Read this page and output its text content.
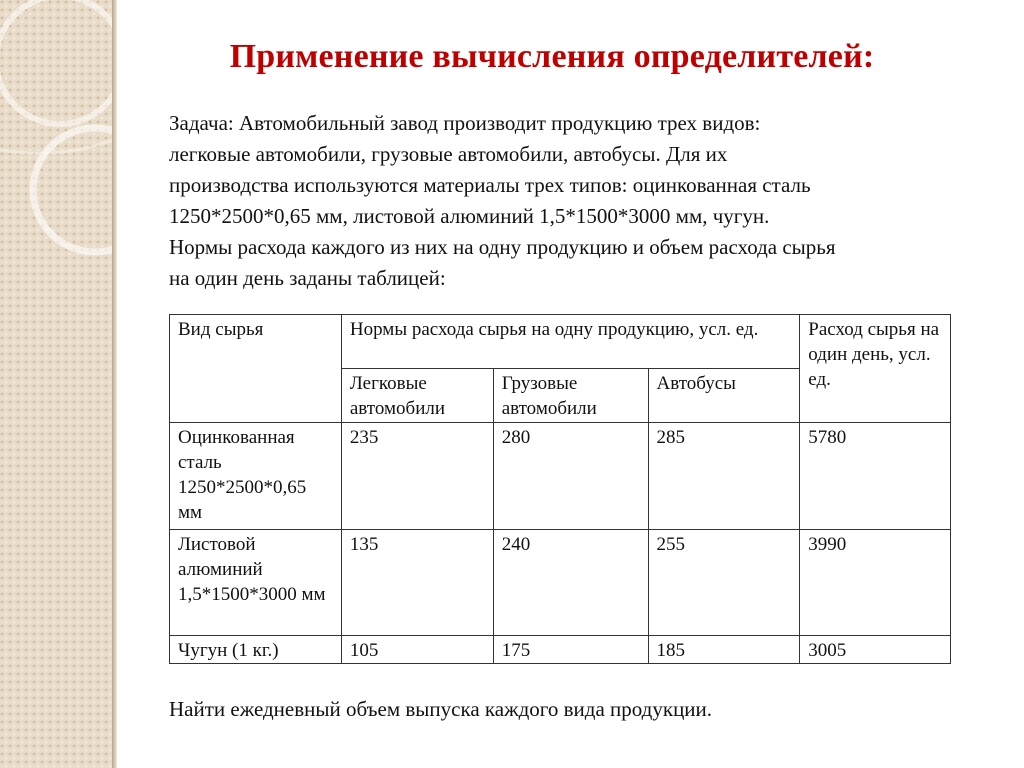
Применение вычисления определителей:

Задача: Автомобильный завод производит продукцию трех видов:

легковые автомобили, грузовые автомобили, автобусы. Для их

производства используются материалы трех типов: оцинкованная сталь

1250*2500*0,65 мм, листовой алюминий 1,5*1500*3000 мм, чугун.

Нормы расхода каждого из них на одну продукцию и объем расхода сырья

на один день заданы таблицей:

Вид сырья	Нормы расхода сырья на одну продукцию, усл. ед.			Расход сырья на один день, усл. ед.
	Легковые автомобили	Грузовые автомобили	Автобусы	
Оцинкованная сталь 1250*2500*0,65 мм	235	280	285	5780
Листовой алюминий 1,5*1500*3000 мм	135	240	255	3990
Чугун (1 кг.)	105	175	185	3005
Найти ежедневный объем выпуска каждого вида продукции.
